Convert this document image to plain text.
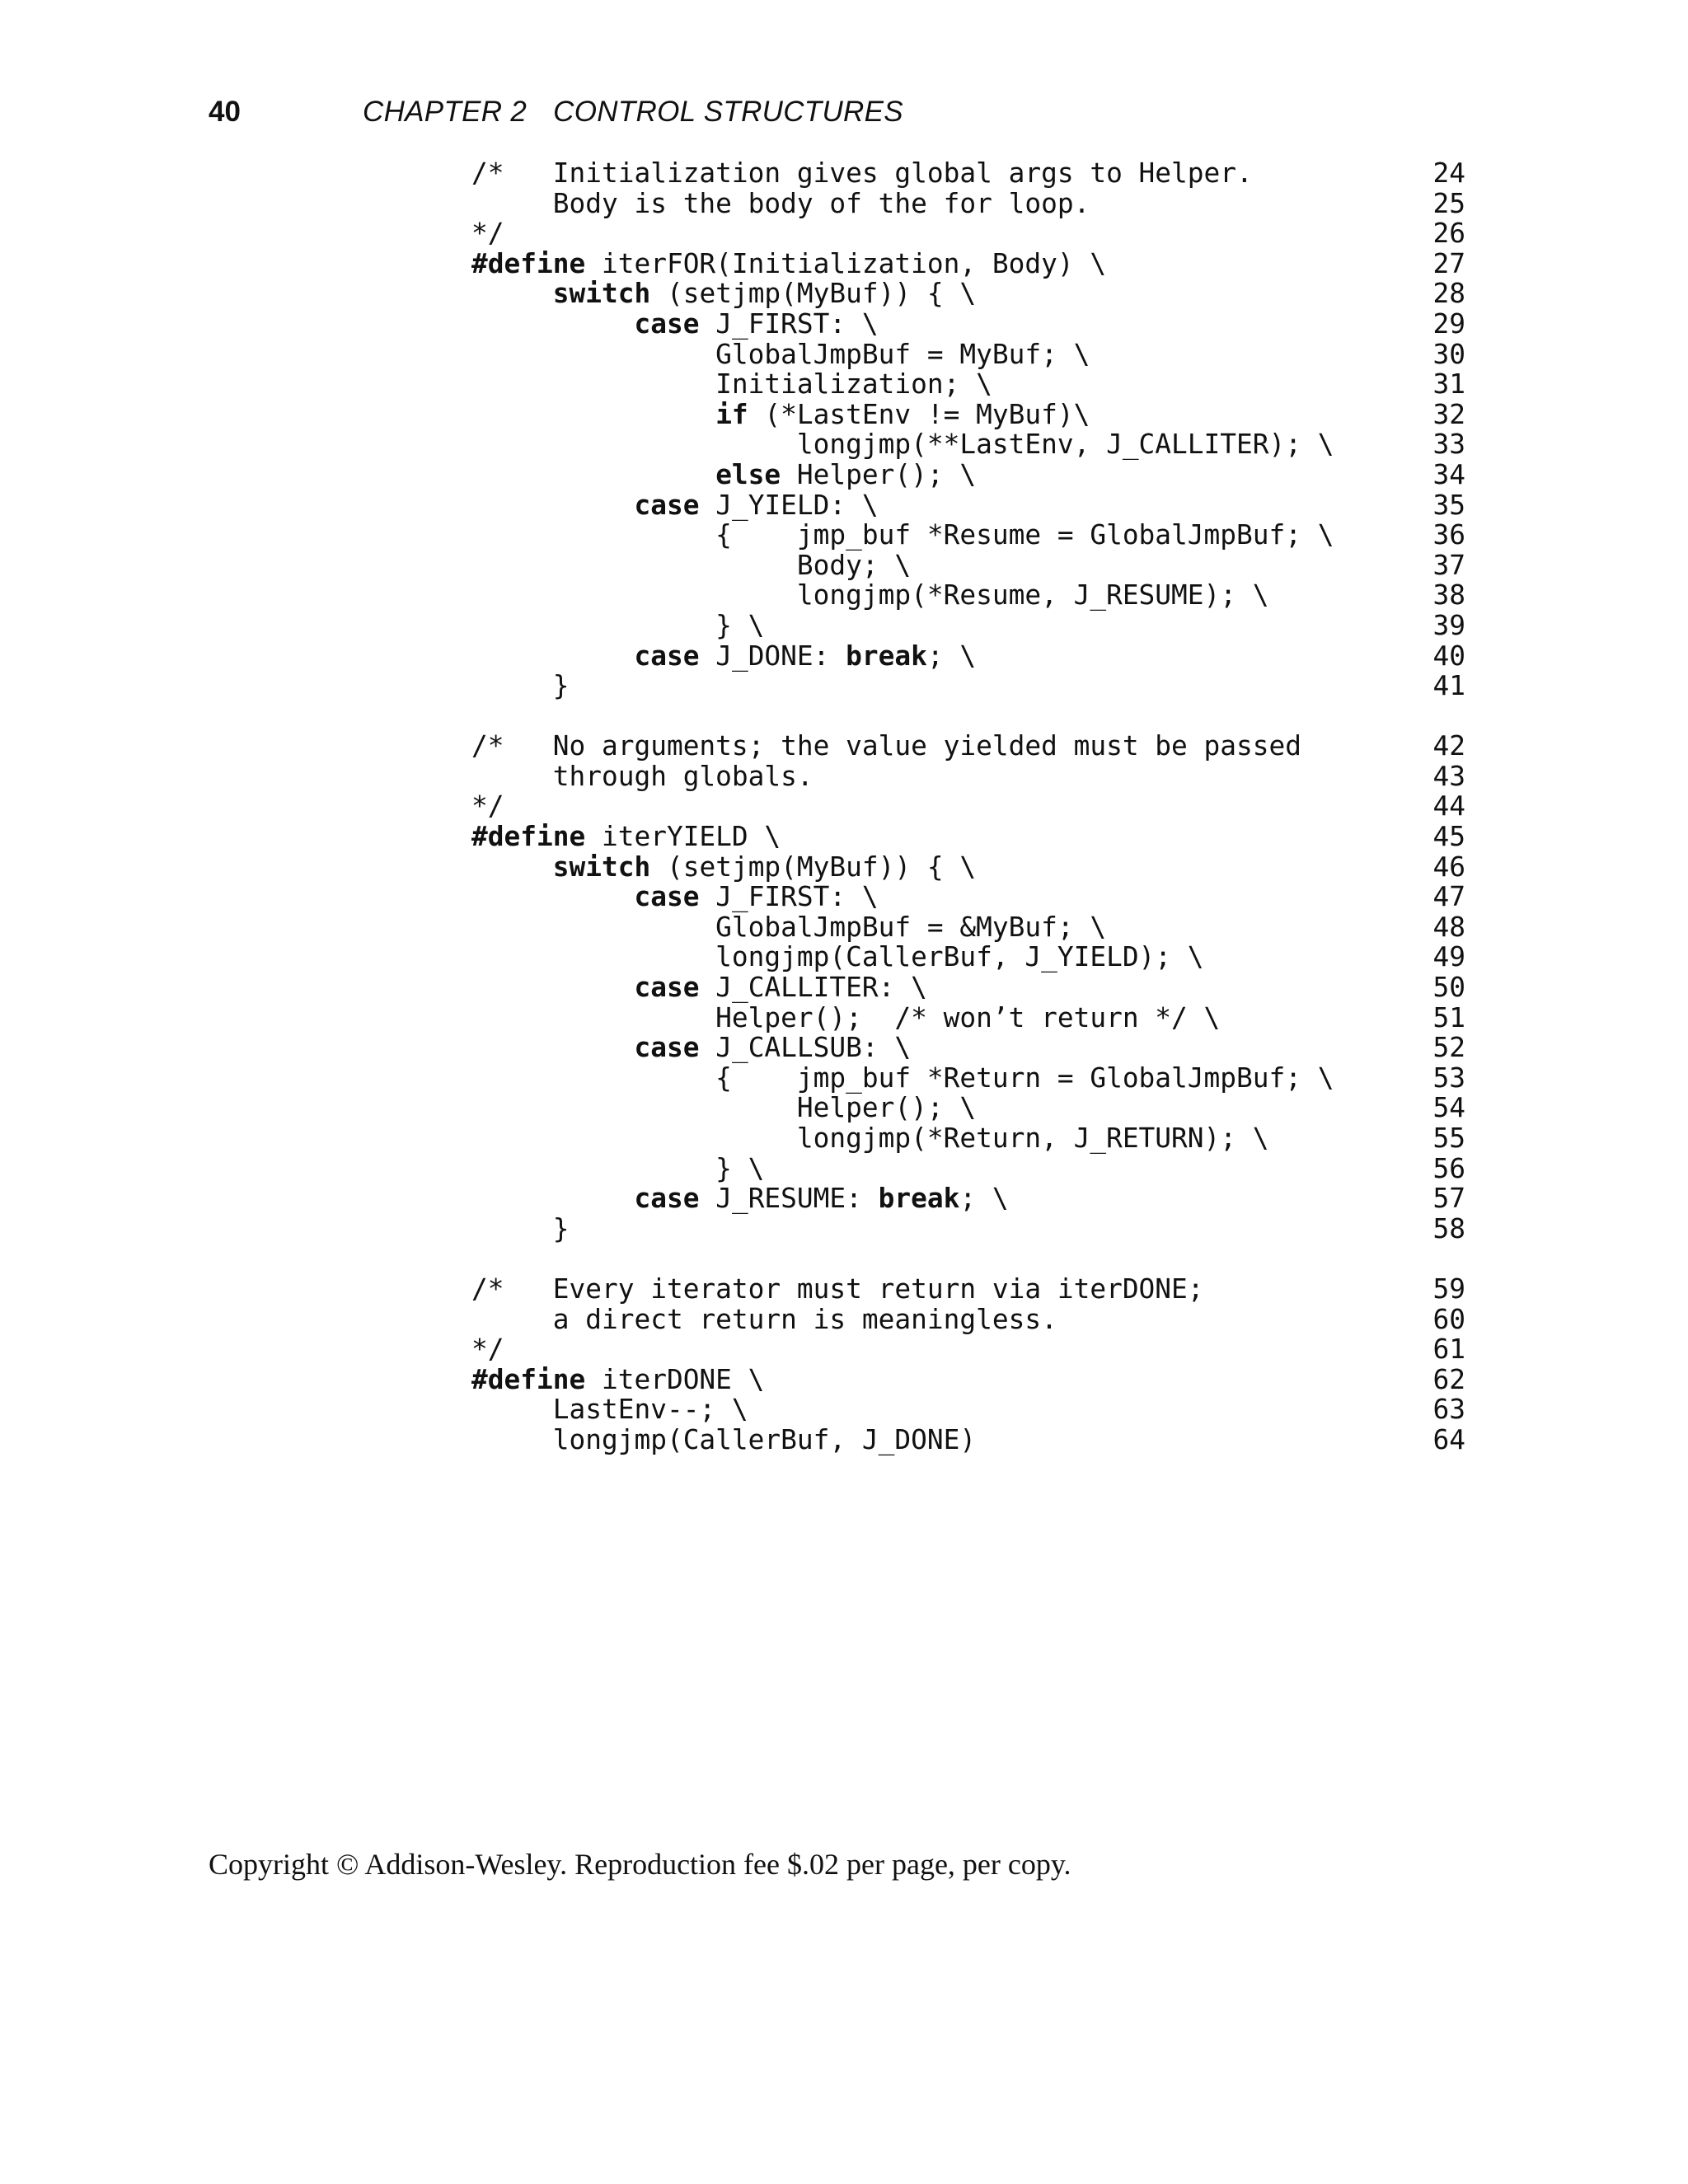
40	CHAPTER 2 CONTROL STRUCTURES
/*   Initialization gives global args to Helper.	24
Body is the body of the for loop.	25
*/	26
#define iterFOR(Initialization, Body) \	27
switch (setjmp(MyBuf)) { \	28
case J_FIRST: \	29
GlobalJmpBuf = MyBuf; \	30
Initialization; \	31
if (*LastEnv != MyBuf)\	32
longjmp(**LastEnv, J_CALLITER); \	33
else Helper(); \	34
case J_YIELD: \	35
{    jmp_buf *Resume = GlobalJmpBuf; \	36
Body; \	37
longjmp(*Resume, J_RESUME); \	38
} \	39
case J_DONE: break; \	40
}	41
/*   No arguments; the value yielded must be passed	42
through globals.	43
*/	44
#define iterYIELD \	45
switch (setjmp(MyBuf)) { \	46
case J_FIRST: \	47
GlobalJmpBuf = &MyBuf; \	48
longjmp(CallerBuf, J_YIELD); \	49
case J_CALLITER: \	50
Helper();  /* won’t return */ \	51
case J_CALLSUB: \	52
{    jmp_buf *Return = GlobalJmpBuf; \	53
Helper(); \	54
longjmp(*Return, J_RETURN); \	55
} \	56
case J_RESUME: break; \	57
}	58
/*   Every iterator must return via iterDONE;	59
a direct return is meaningless.	60
*/	61
#define iterDONE \	62
LastEnv--; \	63
longjmp(CallerBuf, J_DONE)	64
Copyright © Addison-Wesley. Reproduction fee $.02 per page, per copy.
